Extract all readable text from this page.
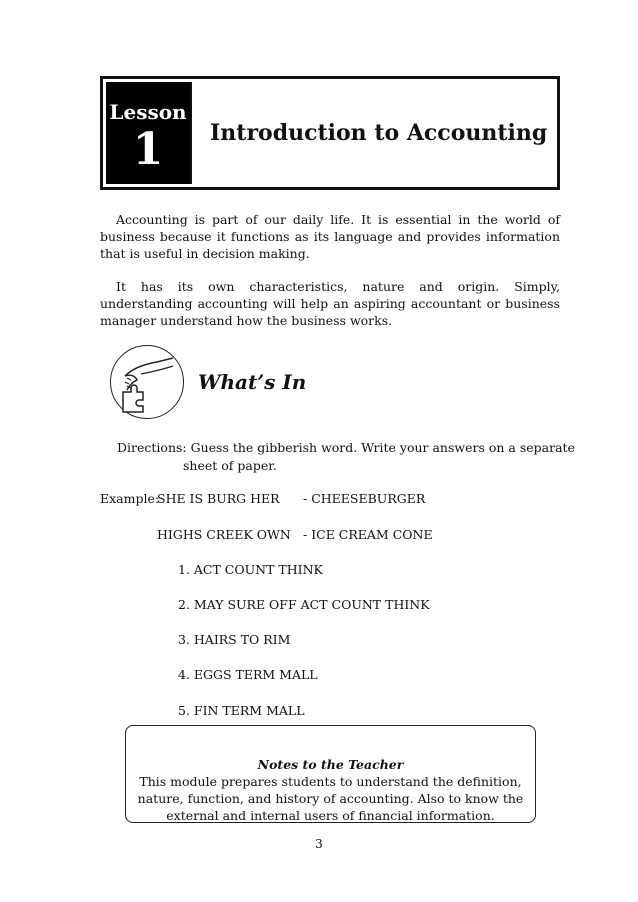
Lesson
1 Introduction to Accounting

Accounting is part of our daily life. It is essential in the world of business because it functions as its language and provides information that is useful in decision making.

It has its own characteristics, nature and origin. Simply, understanding accounting will help an aspiring accountant or business manager understand how the business works.

What’s In

Directions: Guess the gibberish word. Write your answers on a separate

sheet of paper.

Example:

SHE IS BURG HER - CHEESEBURGER

HIGHS CREEK OWN - ICE CREAM CONE

1. ACT COUNT THINK

2. MAY SURE OFF ACT COUNT THINK

3. HAIRS TO RIM

4. EGGS TERM MALL

5. FIN TERM MALL

Notes to the Teacher
This module prepares students to understand the definition,
nature, function, and history of accounting. Also to know the
external and internal users of financial information.
3
